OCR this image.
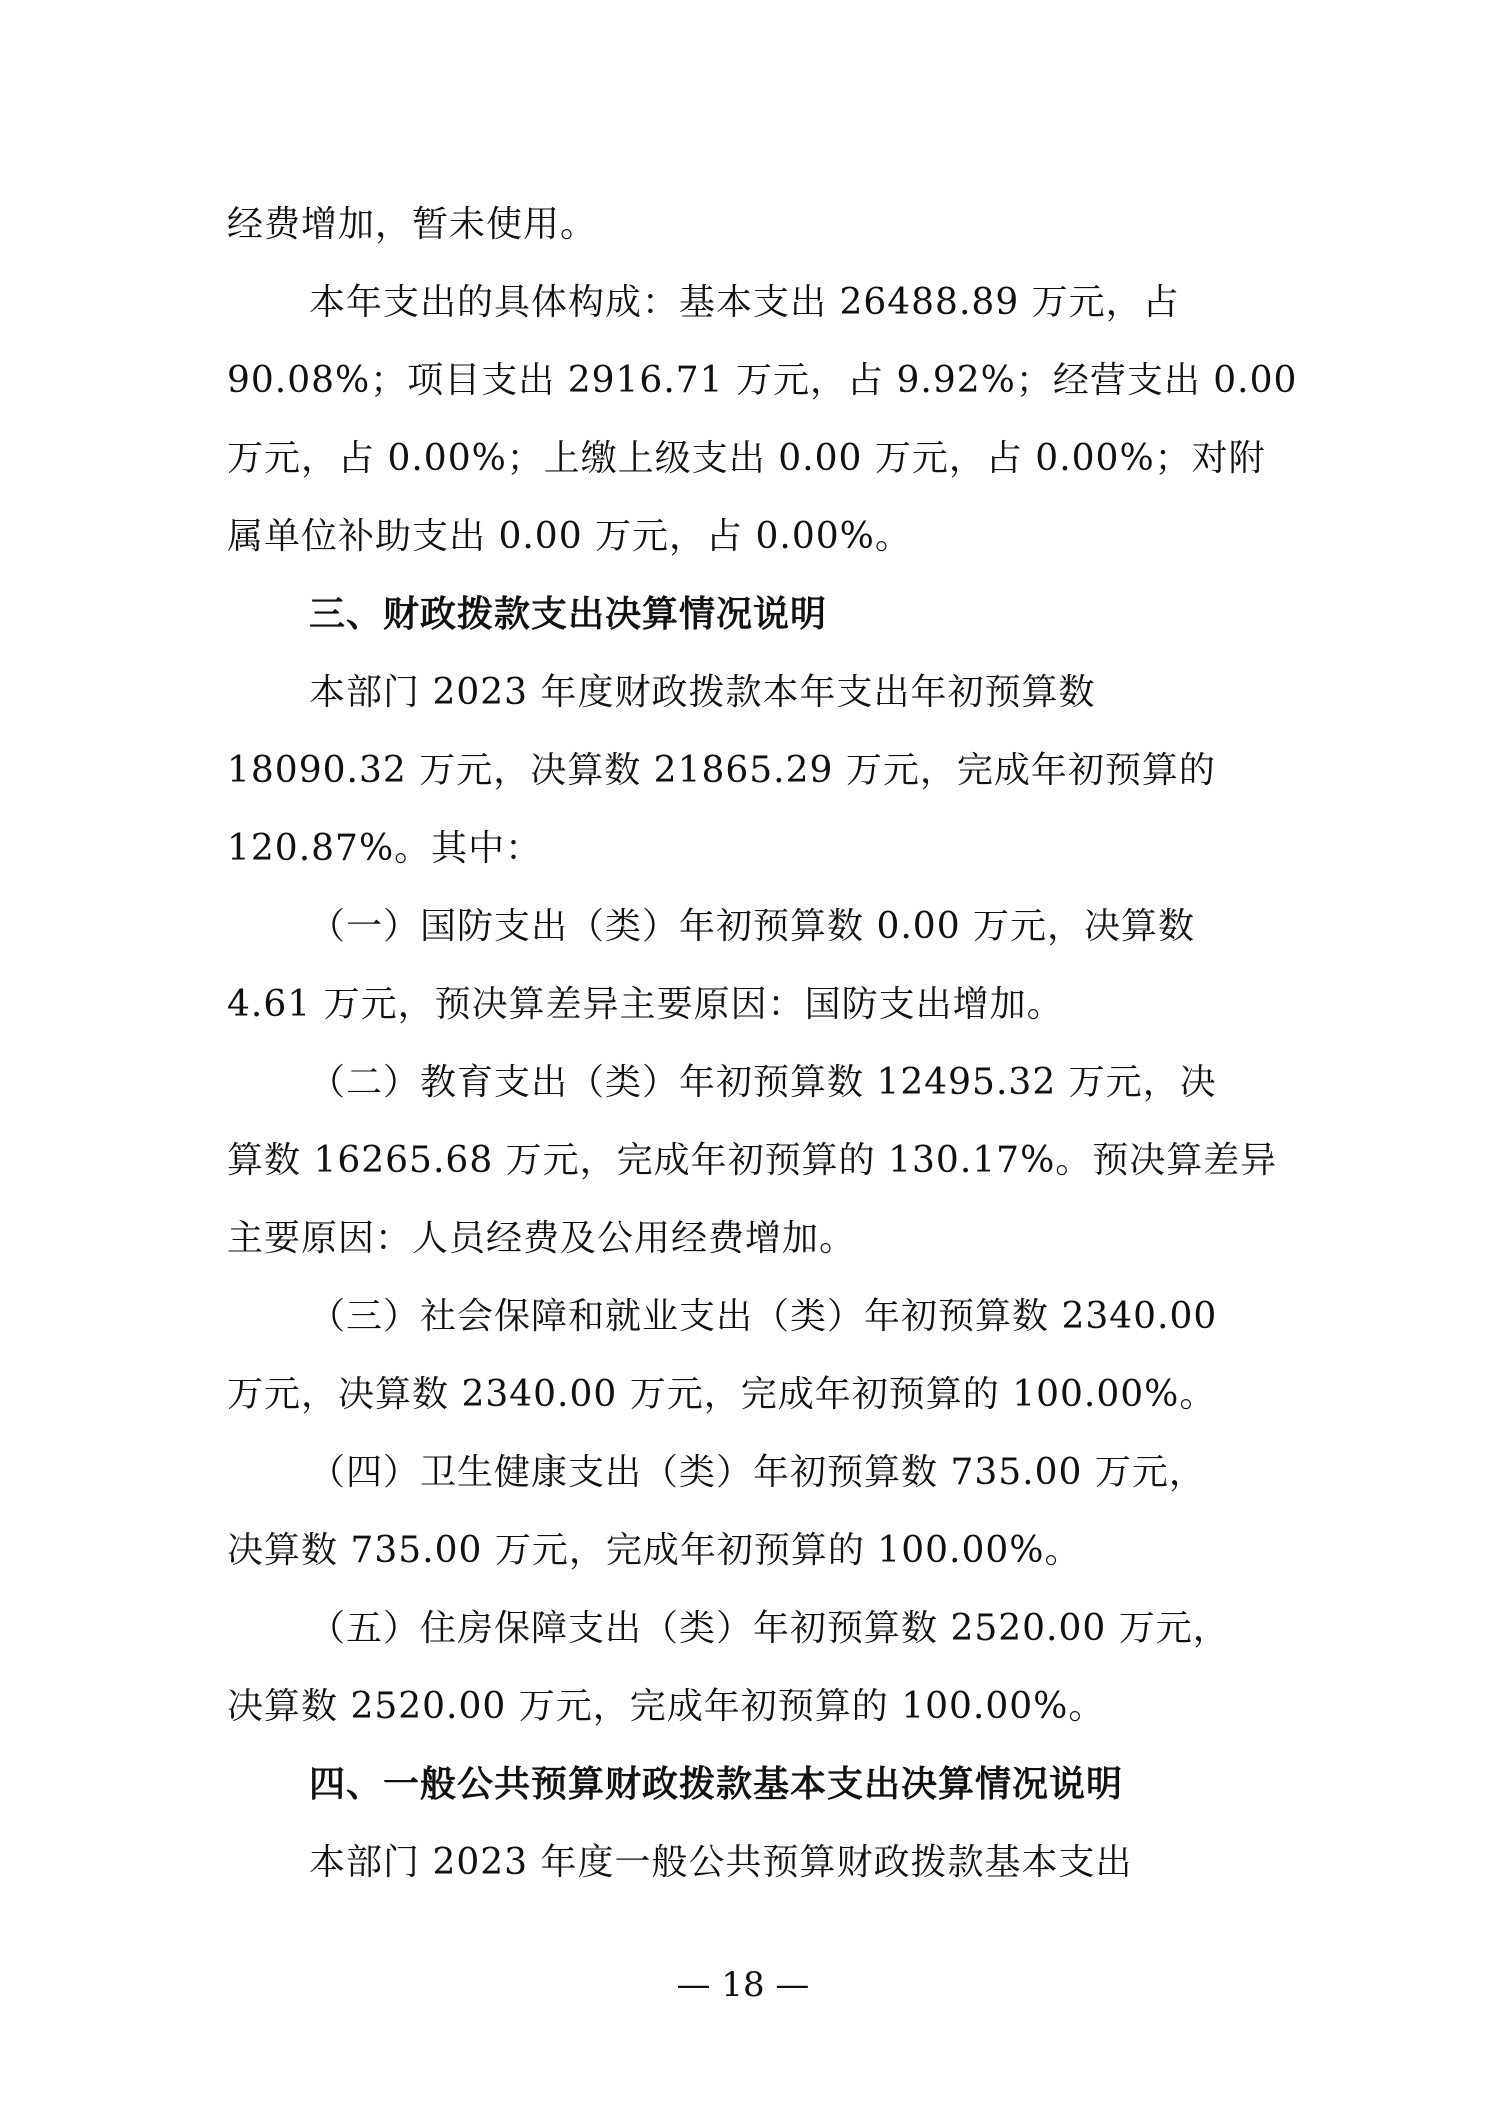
经费增加，暂未使用。
本年支出的具体构成：基本支出 26488.89 万元，占
90.08%；项目支出 2916.71 万元，占 9.92%；经营支出 0.00
万元，占 0.00%；上缴上级支出 0.00 万元，占 0.00%；对附
属单位补助支出 0.00 万元，占 0.00%。
三、财政拨款支出决算情况说明
本部门 2023 年度财政拨款本年支出年初预算数
18090.32 万元，决算数 21865.29 万元，完成年初预算的
120.87%。其中：
（一）国防支出（类）年初预算数 0.00 万元，决算数
4.61 万元，预决算差异主要原因：国防支出增加。
（二）教育支出（类）年初预算数 12495.32 万元，决
算数 16265.68 万元，完成年初预算的 130.17%。预决算差异
主要原因：人员经费及公用经费增加。
（三）社会保障和就业支出（类）年初预算数 2340.00
万元，决算数 2340.00 万元，完成年初预算的 100.00%。
（四）卫生健康支出（类）年初预算数 735.00 万元，
决算数 735.00 万元，完成年初预算的 100.00%。
（五）住房保障支出（类）年初预算数 2520.00 万元，
决算数 2520.00 万元，完成年初预算的 100.00%。
四、一般公共预算财政拨款基本支出决算情况说明
本部门 2023 年度一般公共预算财政拨款基本支出
— 18 —
